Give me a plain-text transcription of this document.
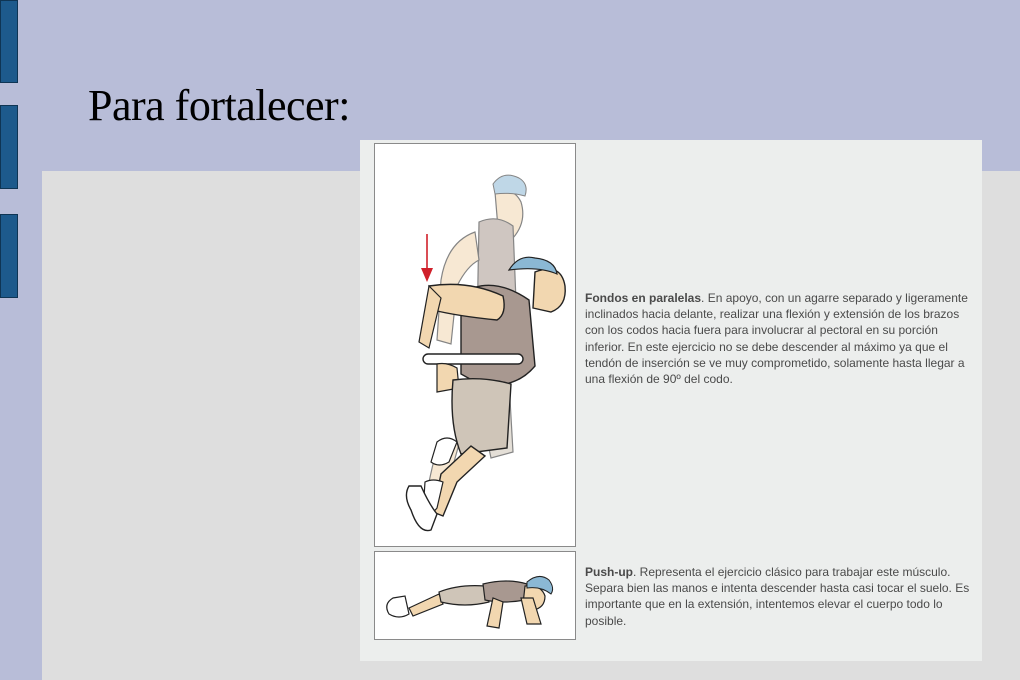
Para fortalecer:
Fondos en paralelas. En apoyo, con un agarre separado y ligeramente inclinados hacia delante, realizar una flexión y extensión de los brazos con los codos hacia fuera para involucrar al pectoral en su porción inferior. En este ejercicio no se debe descender al máximo ya que el tendón de inserción se ve muy comprometido, solamente hasta llegar a una flexión de 90º del codo.
Push-up. Representa el ejercicio clásico para trabajar este músculo. Separa bien las manos e intenta descender hasta casi tocar el suelo. Es importante que en la extensión, intentemos elevar el cuerpo todo lo posible.
